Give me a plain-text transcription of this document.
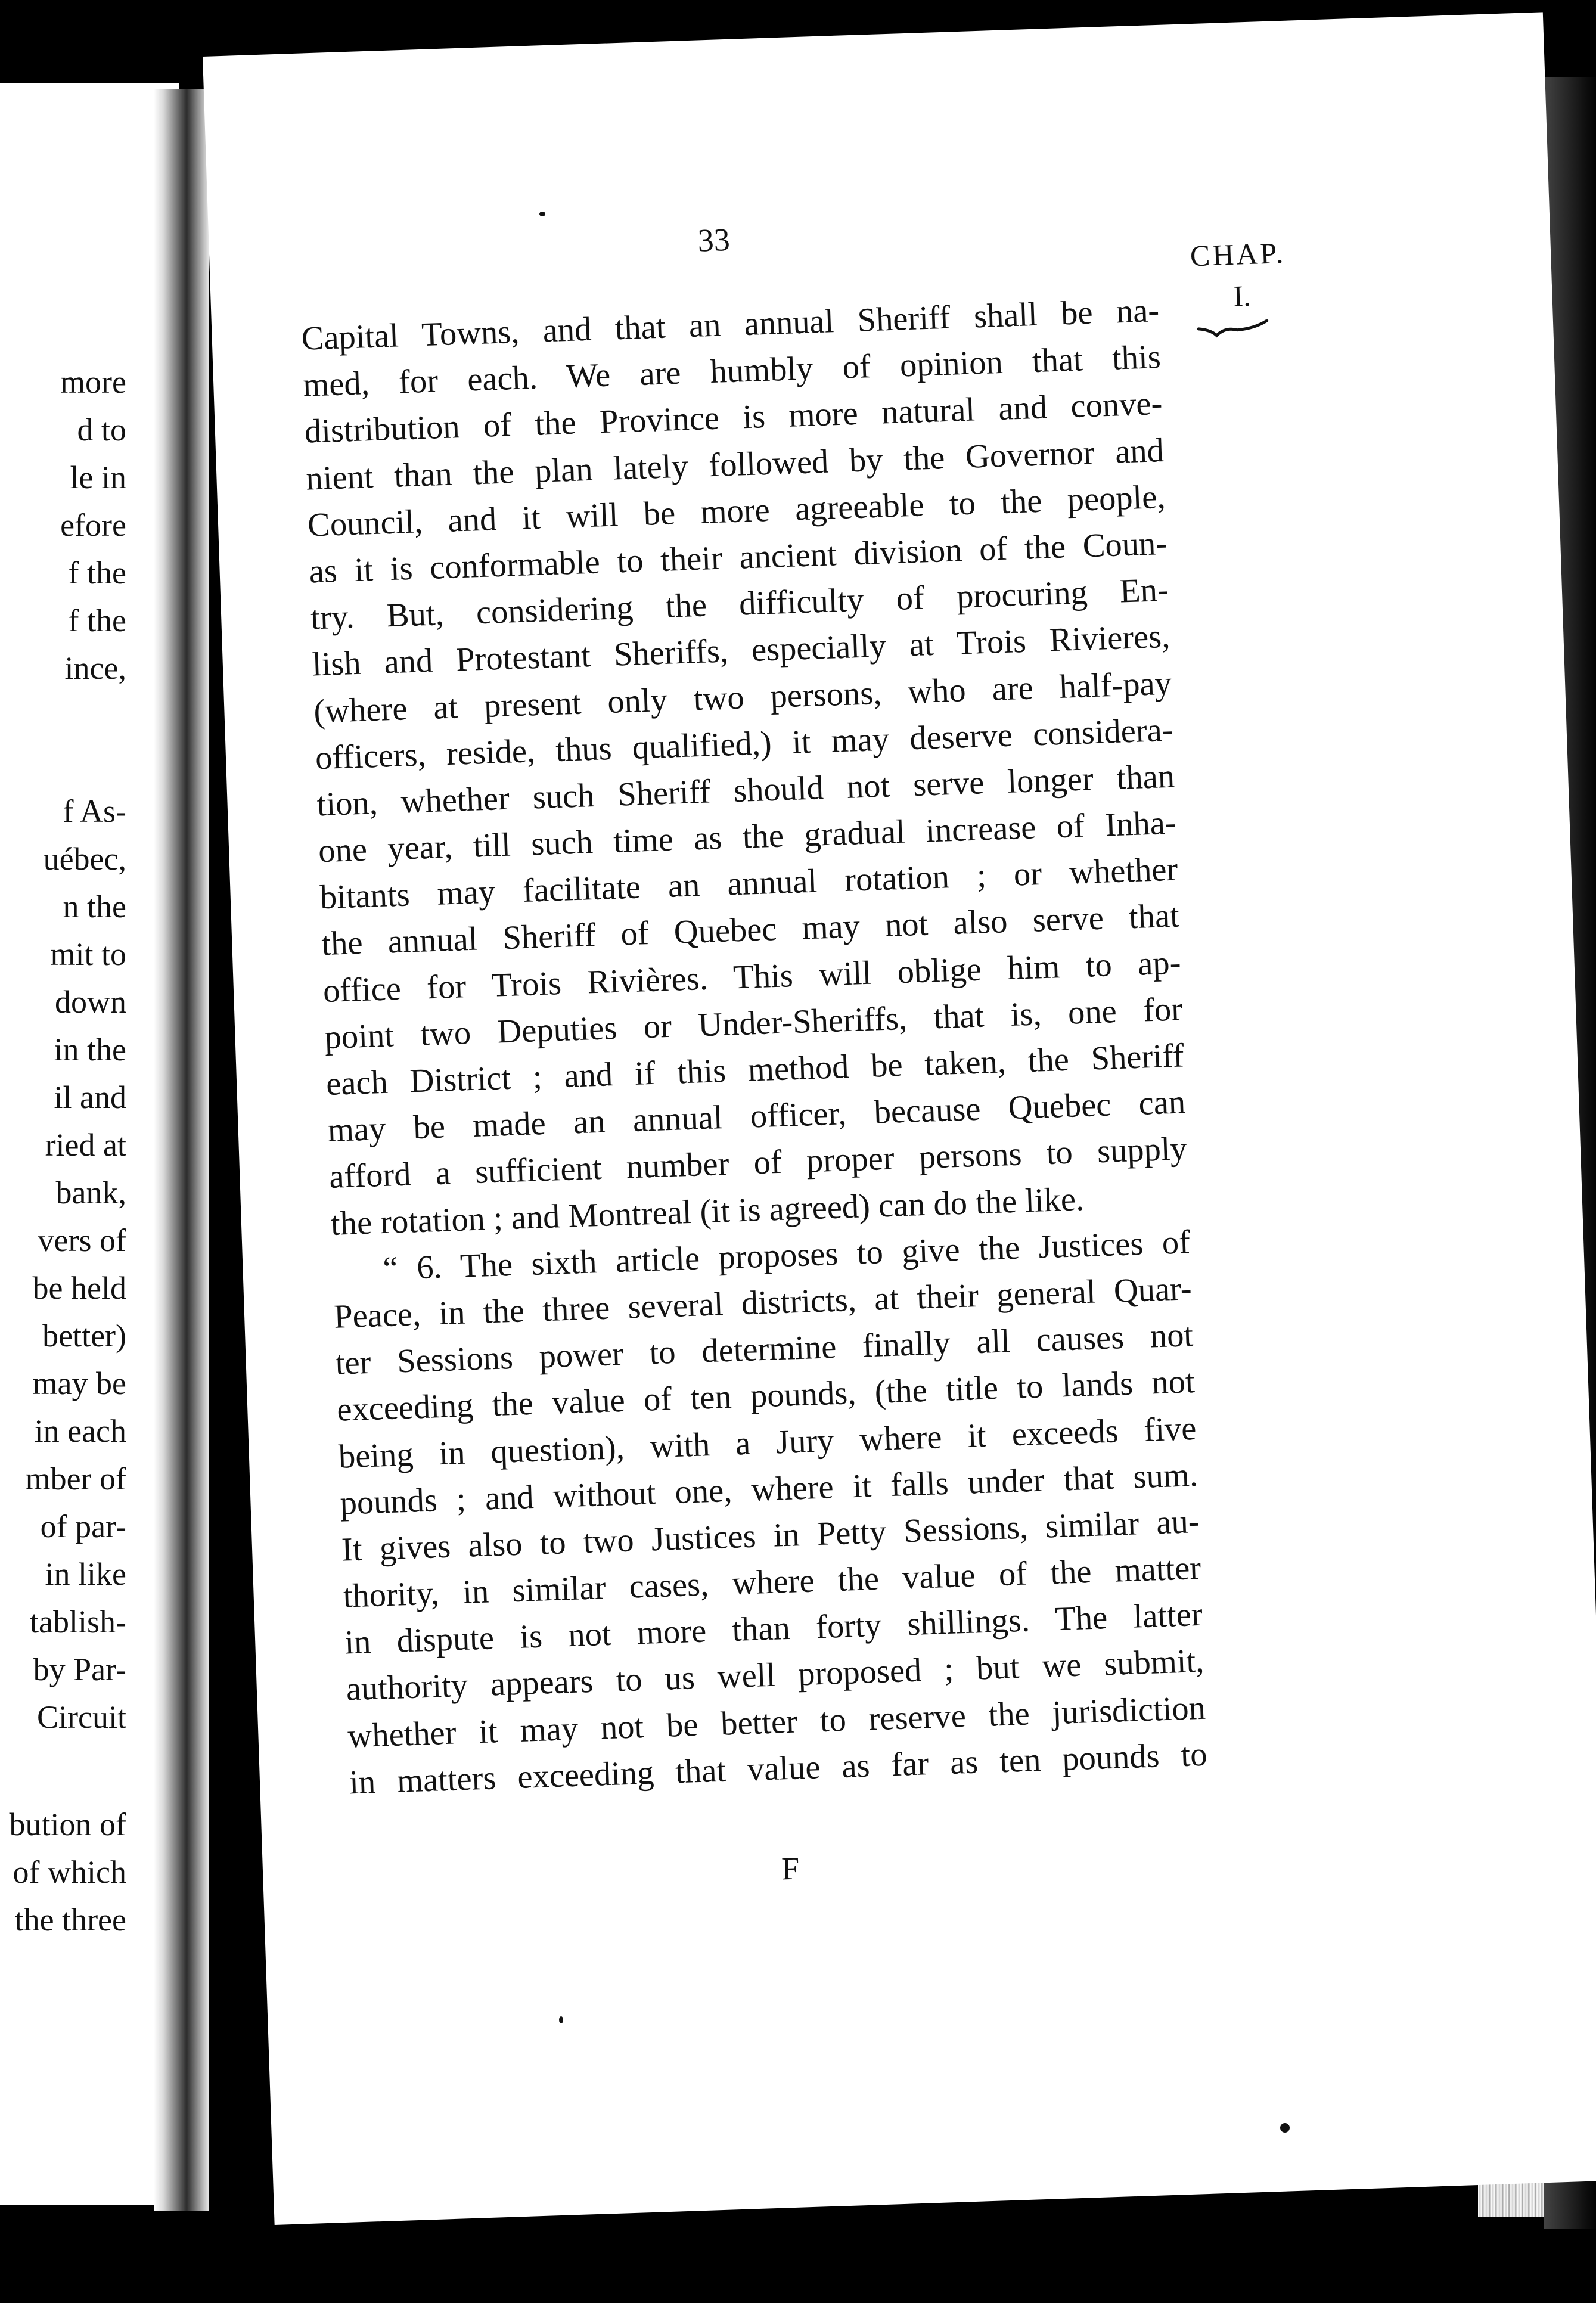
more
d to
le in
efore
f the
f the
ince,
f As-
uébec,
n the
mit to
down
in the
il and
ried at
bank,
vers of
be held
better)
may be
in each
mber of
of par-
in like
tablish-
by Par-
Circuit
bution of
of which
the three
33	CHAP.
I.
Capital Towns, and that an annual Sheriff shall be na-
med, for each. We are humbly of opinion that this
distribution of the Province is more natural and conve-
nient than the plan lately followed by the Governor and
Council, and it will be more agreeable to the people,
as it is conformable to their ancient division of the Coun-
try. But, considering the difficulty of procuring En-
lish and Protestant Sheriffs, especially at Trois Rivieres,
(where at present only two persons, who are half-pay
officers, reside, thus qualified,) it may deserve considera-
tion, whether such Sheriff should not serve longer than
one year, till such time as the gradual increase of Inha-
bitants may facilitate an annual rotation ; or whether
the annual Sheriff of Quebec may not also serve that
office for Trois Rivières. This will oblige him to ap-
point two Deputies or Under-Sheriffs, that is, one for
each District ; and if this method be taken, the Sheriff
may be made an annual officer, because Quebec can
afford a sufficient number of proper persons to supply
the rotation ; and Montreal (it is agreed) can do the like.
“ 6. The sixth article proposes to give the Justices of
Peace, in the three several districts, at their general Quar-
ter Sessions power to determine finally all causes not
exceeding the value of ten pounds, (the title to lands not
being in question), with a Jury where it exceeds five
pounds ; and without one, where it falls under that sum.
It gives also to two Justices in Petty Sessions, similar au-
thority, in similar cases, where the value of the matter
in dispute is not more than forty shillings. The latter
authority appears to us well proposed ; but we submit,
whether it may not be better to reserve the jurisdiction
in matters exceeding that value as far as ten pounds to
F
